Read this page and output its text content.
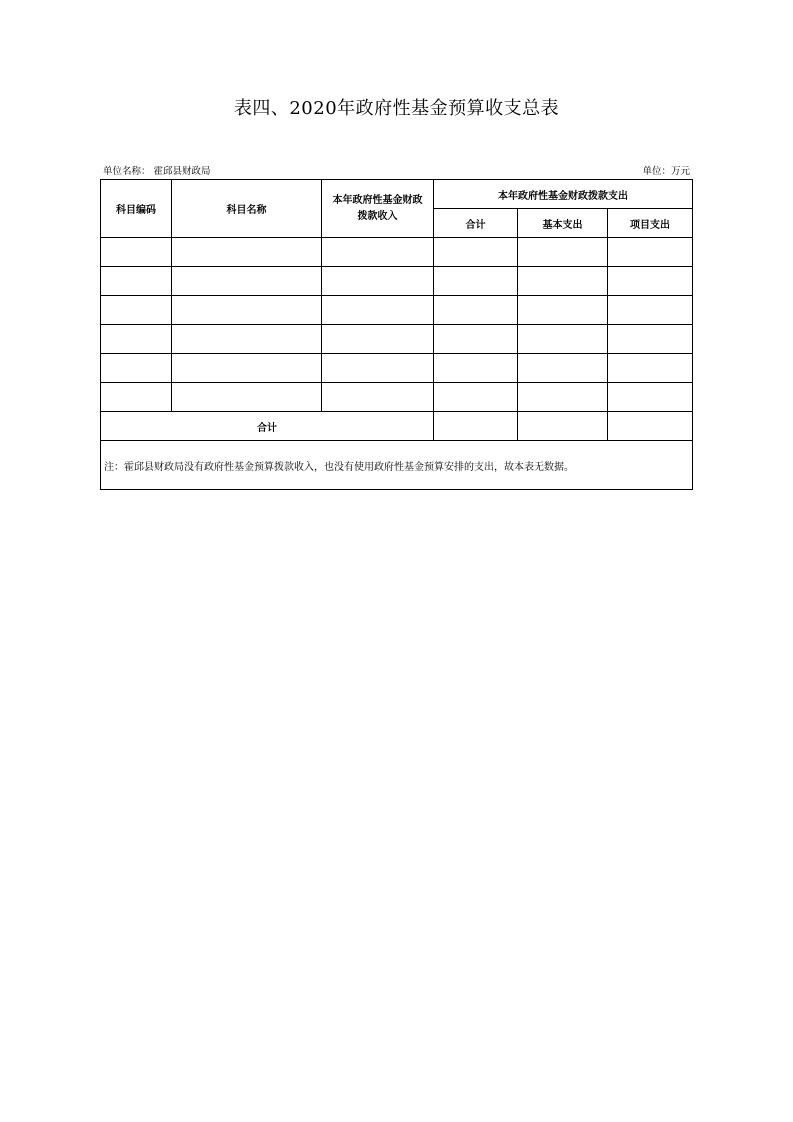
表四、2020年政府性基金预算收支总表
单位名称： 霍邱县财政局	单位：万元
科目编码	科目名称	本年政府性基金财政
拨款收入	本年政府性基金财政拨款支出		
			合计	基本支出	项目支出

合计					
注：霍邱县财政局没有政府性基金预算拨款收入，也没有使用政府性基金预算安排的支出，故本表无数据。					
